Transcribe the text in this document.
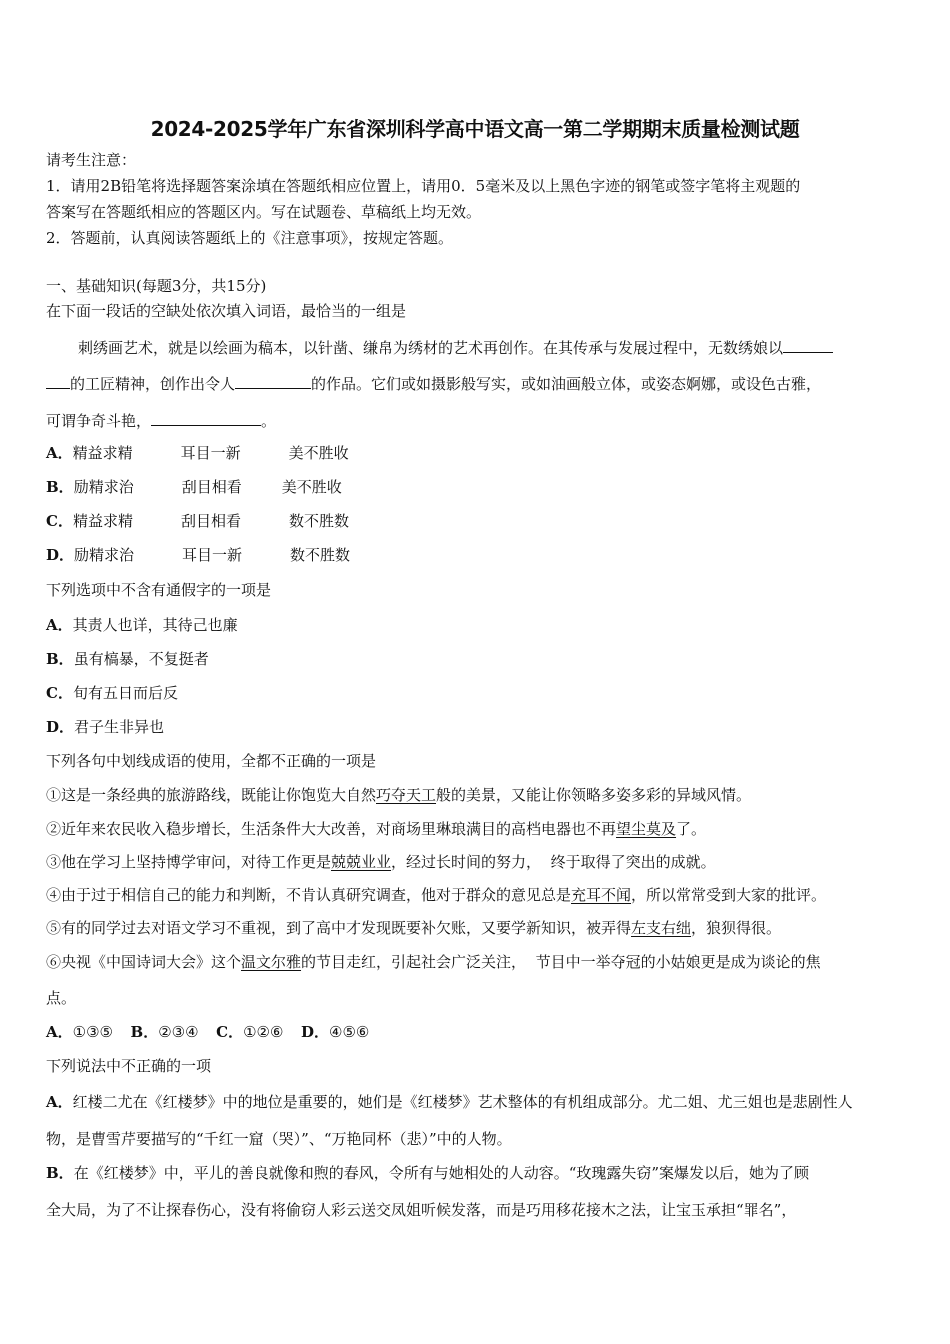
2024-2025学年广东省深圳科学高中语文高一第二学期期末质量检测试题
请考生注意：
1．请用2B铅笔将选择题答案涂填在答题纸相应位置上，请用0．5毫米及以上黑色字迹的钢笔或签字笔将主观题的
答案写在答题纸相应的答题区内。写在试题卷、草稿纸上均无效。
2．答题前，认真阅读答题纸上的《注意事项》，按规定答题。
一、基础知识(每题3分，共15分)
在下面一段话的空缺处依次填入词语，最恰当的一组是
刺绣画艺术，就是以绘画为稿本，以针凿、缣帛为绣材的艺术再创作。在其传承与发展过程中，无数绣娘以
的工匠精神，创作出令人	的作品。它们或如摄影般写实，或如油画般立体，或姿态婀娜，或设色古雅，
可谓争奇斗艳，	。
A．精益求精	耳目一新	美不胜收
B．励精求治	刮目相看	美不胜收
C．精益求精	刮目相看	数不胜数
D．励精求治	耳目一新	数不胜数
下列选项中不含有通假字的一项是
A．其责人也详，其待己也廉
B．虽有槁暴，不复挺者
C．旬有五日而后反
D．君子生非异也
下列各句中划线成语的使用，全都不正确的一项是
①这是一条经典的旅游路线，既能让你饱览大自然巧夺天工般的美景，又能让你领略多姿多彩的异域风情。
②近年来农民收入稳步增长，生活条件大大改善，对商场里琳琅满目的高档电器也不再望尘莫及了。
③他在学习上坚持博学审问，对待工作更是兢兢业业，经过长时间的努力，  终于取得了突出的成就。
④由于过于相信自己的能力和判断，不肯认真研究调查，他对于群众的意见总是充耳不闻，所以常常受到大家的批评。
⑤有的同学过去对语文学习不重视，到了高中才发现既要补欠账，又要学新知识，被弄得左支右绌，狼狈得很。
⑥央视《中国诗词大会》这个温文尔雅的节目走红，引起社会广泛关注，  节目中一举夺冠的小姑娘更是成为谈论的焦
点。
A．①③⑤ B．②③④ C．①②⑥ D．④⑤⑥
下列说法中不正确的一项
A．红楼二尤在《红楼梦》中的地位是重要的，她们是《红楼梦》艺术整体的有机组成部分。尤二姐、尤三姐也是悲剧性人
物，是曹雪芹要描写的“千红一窟（哭）”、“万艳同杯（悲）”中的人物。
B．在《红楼梦》中，平儿的善良就像和煦的春风，令所有与她相处的人动容。“玫瑰露失窃”案爆发以后，她为了顾
全大局，为了不让探春伤心，没有将偷窃人彩云送交凤姐听候发落，而是巧用移花接木之法，让宝玉承担“罪名”，
